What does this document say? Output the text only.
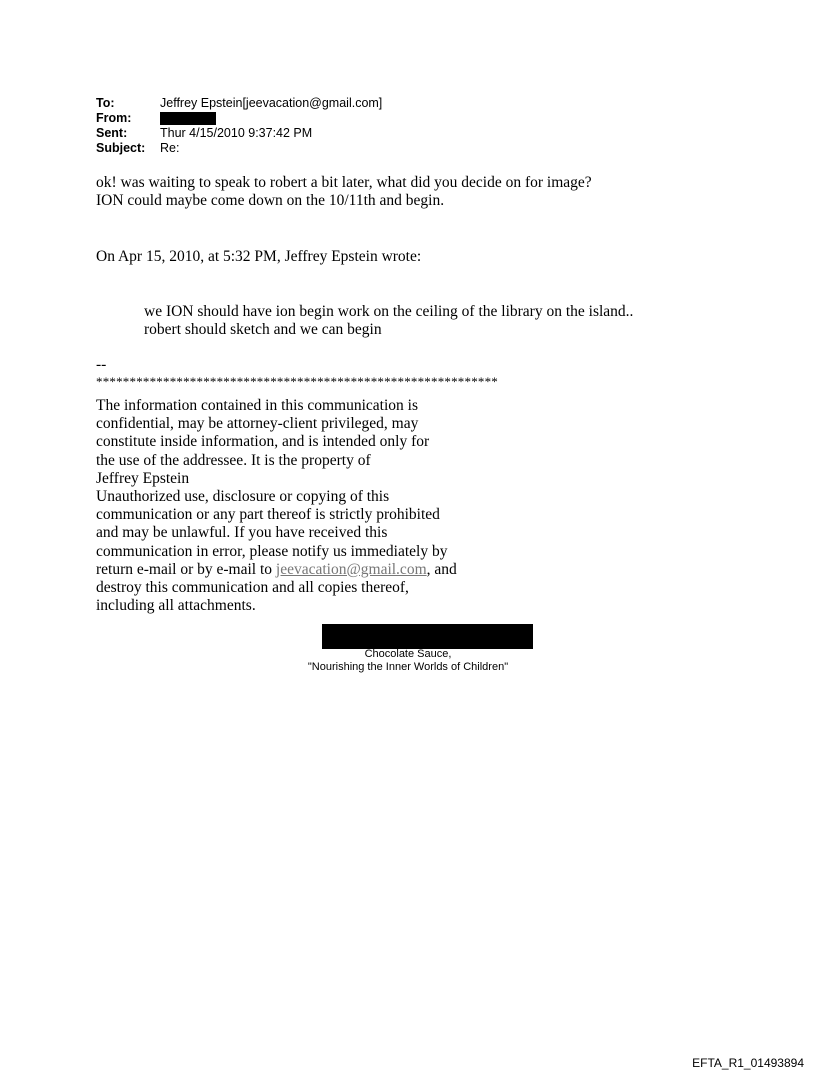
To:	Jeffrey Epstein[jeevacation@gmail.com]
From:
Sent:	Thur 4/15/2010 9:37:42 PM
Subject:	Re:
ok! was waiting to speak to robert a bit later, what did you decide on for image?
ION could maybe come down on the 10/11th and begin.
On Apr 15, 2010, at 5:32 PM, Jeffrey Epstein wrote:
we ION should have ion begin work on the ceiling of the library on the island..
robert should sketch and we can begin
--
************************************************************
The information contained in this communication is
confidential, may be attorney-client privileged, may
constitute inside information, and is intended only for
the use of the addressee. It is the property of
Jeffrey Epstein
Unauthorized use, disclosure or copying of this
communication or any part thereof is strictly prohibited
and may be unlawful. If you have received this
communication in error, please notify us immediately by
return e-mail or by e-mail to jeevacation@gmail.com, and
destroy this communication and all copies thereof,
including all attachments.
Chocolate Sauce,
"Nourishing the Inner Worlds of Children"
EFTA_R1_01493894
